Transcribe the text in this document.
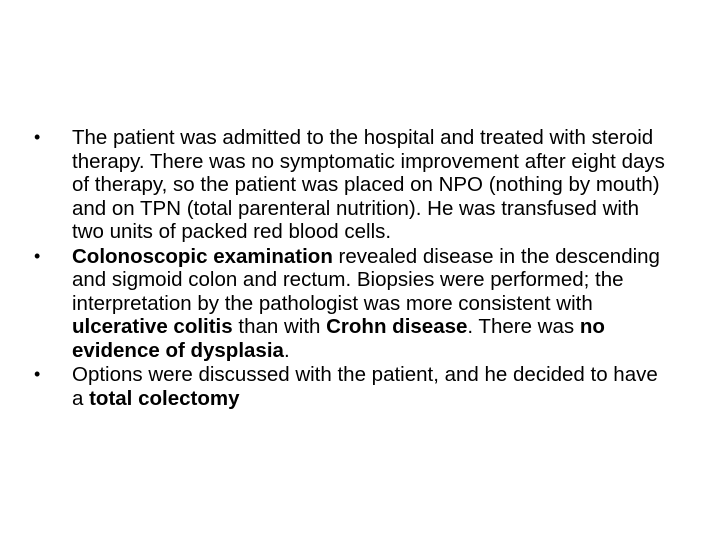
•	The patient was admitted to the hospital and treated with steroid therapy. There was no symptomatic improvement after eight days of therapy, so the patient was placed on NPO (nothing by mouth) and on TPN (total parenteral nutrition). He was transfused with two units of packed red blood cells.
•	Colonoscopic examination revealed disease in the descending and sigmoid colon and rectum. Biopsies were performed; the interpretation by the pathologist was more consistent with ulcerative colitis than with Crohn disease. There was no evidence of dysplasia.
•	Options were discussed with the patient, and he decided to have a total colectomy
